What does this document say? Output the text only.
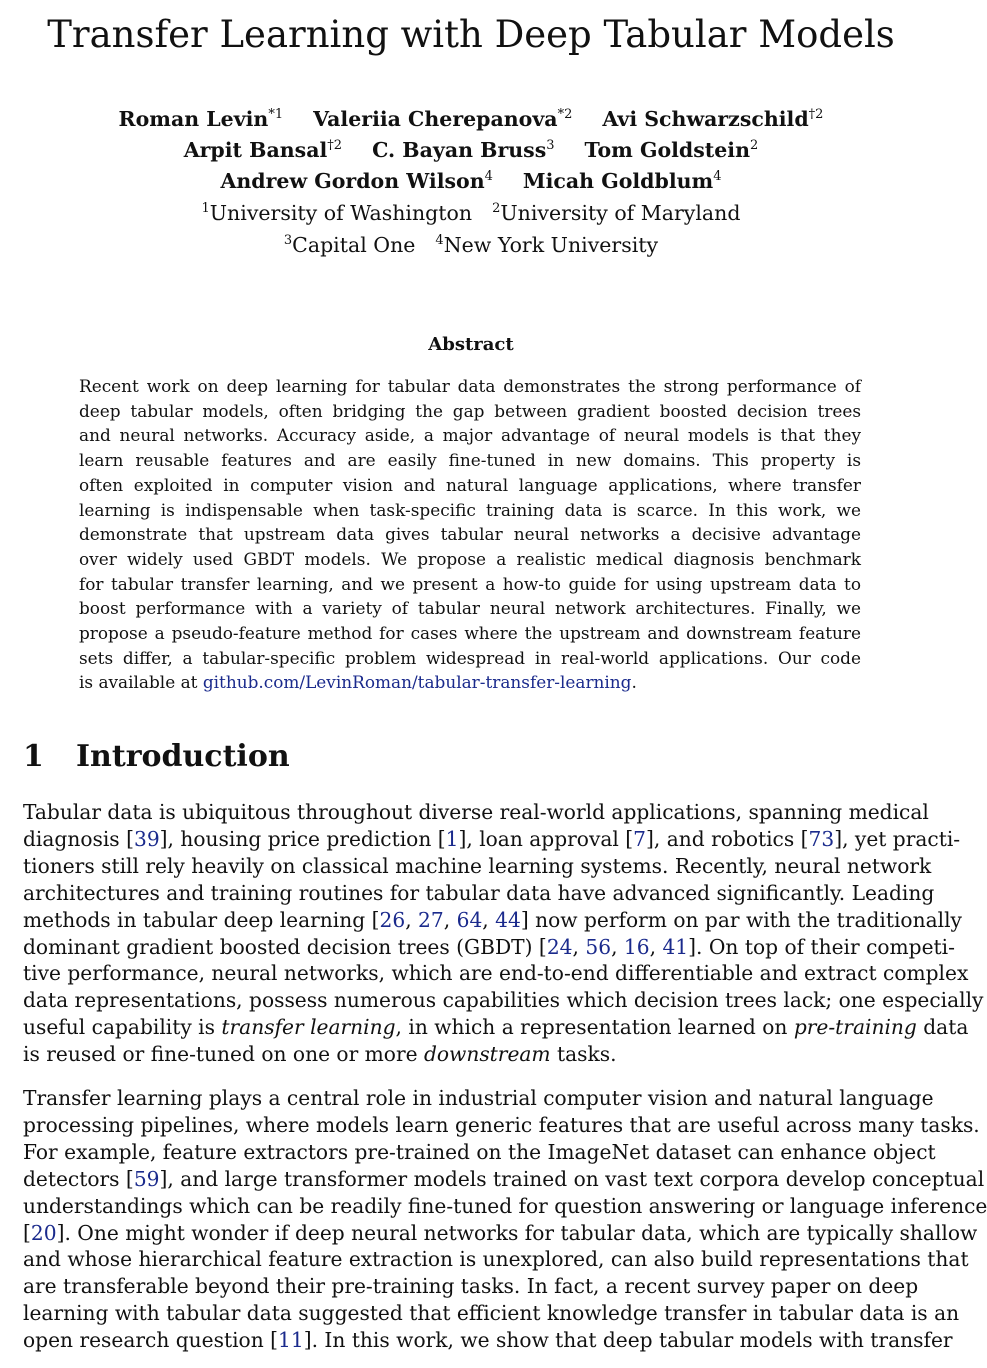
Transfer Learning with Deep Tabular Models
Roman Levin$^{*1}$ Valeriia Cherepanova$^{*2}$ Avi Schwarzschild$^{\dagger 2}$
Arpit Bansal$^{\dagger 2}$ C. Bayan Bruss$^3$ Tom Goldstein$^2$
Andrew Gordon Wilson$^4$ Micah Goldblum$^4$
$^1$University of Washington $^2$University of Maryland
$^3$Capital One $^4$New York University
Abstract
Recent work on deep learning for tabular data demonstrates the strong performance of
deep tabular models, often bridging the gap between gradient boosted decision trees
and neural networks. Accuracy aside, a major advantage of neural models is that they
learn reusable features and are easily fine-tuned in new domains. This property is
often exploited in computer vision and natural language applications, where transfer
learning is indispensable when task-specific training data is scarce. In this work, we
demonstrate that upstream data gives tabular neural networks a decisive advantage
over widely used GBDT models. We propose a realistic medical diagnosis benchmark
for tabular transfer learning, and we present a how-to guide for using upstream data to
boost performance with a variety of tabular neural network architectures. Finally, we
propose a pseudo-feature method for cases where the upstream and downstream feature
sets differ, a tabular-specific problem widespread in real-world applications. Our code
is available at github.com/LevinRoman/tabular-transfer-learning.
1 Introduction
Tabular data is ubiquitous throughout diverse real-world applications, spanning medical
diagnosis [39], housing price prediction [1], loan approval [7], and robotics [73], yet practi-
tioners still rely heavily on classical machine learning systems. Recently, neural network
architectures and training routines for tabular data have advanced significantly. Leading
methods in tabular deep learning [26, 27, 64, 44] now perform on par with the traditionally
dominant gradient boosted decision trees (GBDT) [24, 56, 16, 41]. On top of their competi-
tive performance, neural networks, which are end-to-end differentiable and extract complex
data representations, possess numerous capabilities which decision trees lack; one especially
useful capability is transfer learning, in which a representation learned on pre-training data
is reused or fine-tuned on one or more downstream tasks.
Transfer learning plays a central role in industrial computer vision and natural language
processing pipelines, where models learn generic features that are useful across many tasks.
For example, feature extractors pre-trained on the ImageNet dataset can enhance object
detectors [59], and large transformer models trained on vast text corpora develop conceptual
understandings which can be readily fine-tuned for question answering or language inference
[20]. One might wonder if deep neural networks for tabular data, which are typically shallow
and whose hierarchical feature extraction is unexplored, can also build representations that
are transferable beyond their pre-training tasks. In fact, a recent survey paper on deep
learning with tabular data suggested that efficient knowledge transfer in tabular data is an
open research question [11]. In this work, we show that deep tabular models with transfer
